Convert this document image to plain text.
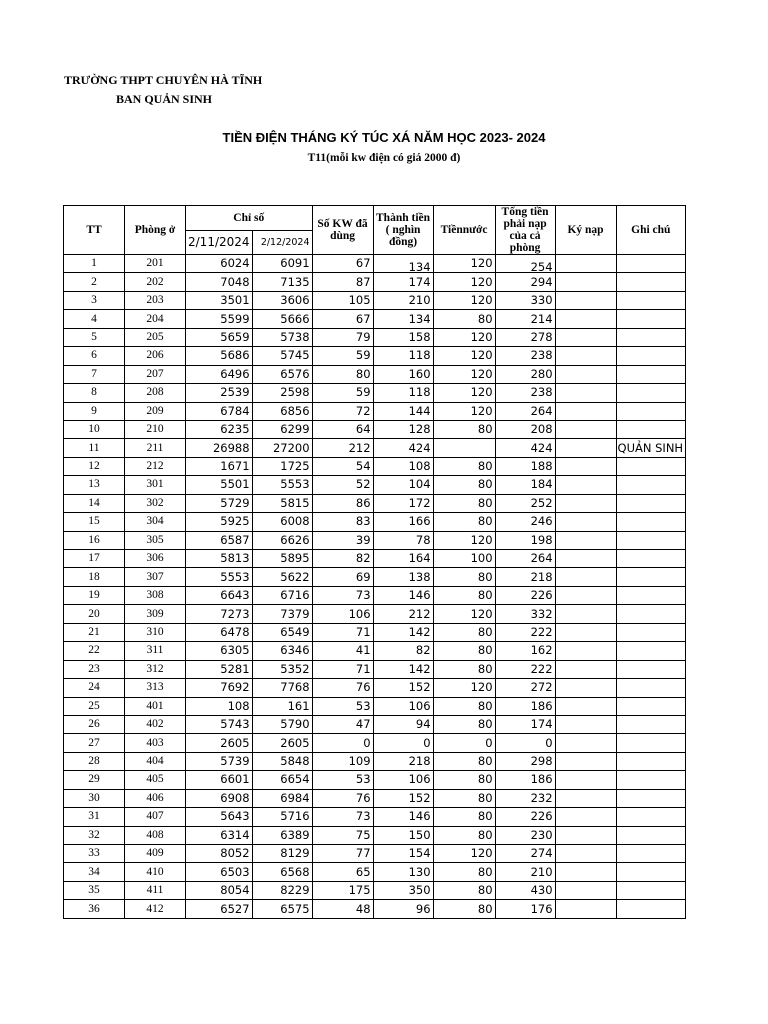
TRƯỜNG THPT CHUYÊN HÀ TĨNH
BAN QUẢN SINH
TIỀN ĐIỆN THÁNG KÝ TÚC XÁ NĂM HỌC 2023- 2024
T11(mỗi kw điện có giá 2000 đ)
TT	Phòng ở	Chỉ số		Số KW đã dùng	Thành tiền ( nghìn đồng)	Tiềnnước	Tổng tiền phải nạp của cả phòng	Ký nạp	Ghi chú
		2/11/2024	2/12/2024						
1	201	6024	6091	67	134	120	254		
2	202	7048	7135	87	174	120	294		
3	203	3501	3606	105	210	120	330		
4	204	5599	5666	67	134	80	214		
5	205	5659	5738	79	158	120	278		
6	206	5686	5745	59	118	120	238		
7	207	6496	6576	80	160	120	280		
8	208	2539	2598	59	118	120	238		
9	209	6784	6856	72	144	120	264		
10	210	6235	6299	64	128	80	208		
11	211	26988	27200	212	424		424		QUẢN SINH
12	212	1671	1725	54	108	80	188		
13	301	5501	5553	52	104	80	184		
14	302	5729	5815	86	172	80	252		
15	304	5925	6008	83	166	80	246		
16	305	6587	6626	39	78	120	198		
17	306	5813	5895	82	164	100	264		
18	307	5553	5622	69	138	80	218		
19	308	6643	6716	73	146	80	226		
20	309	7273	7379	106	212	120	332		
21	310	6478	6549	71	142	80	222		
22	311	6305	6346	41	82	80	162		
23	312	5281	5352	71	142	80	222		
24	313	7692	7768	76	152	120	272		
25	401	108	161	53	106	80	186		
26	402	5743	5790	47	94	80	174		
27	403	2605	2605	0	0	0	0		
28	404	5739	5848	109	218	80	298		
29	405	6601	6654	53	106	80	186		
30	406	6908	6984	76	152	80	232		
31	407	5643	5716	73	146	80	226		
32	408	6314	6389	75	150	80	230		
33	409	8052	8129	77	154	120	274		
34	410	6503	6568	65	130	80	210		
35	411	8054	8229	175	350	80	430		
36	412	6527	6575	48	96	80	176		
